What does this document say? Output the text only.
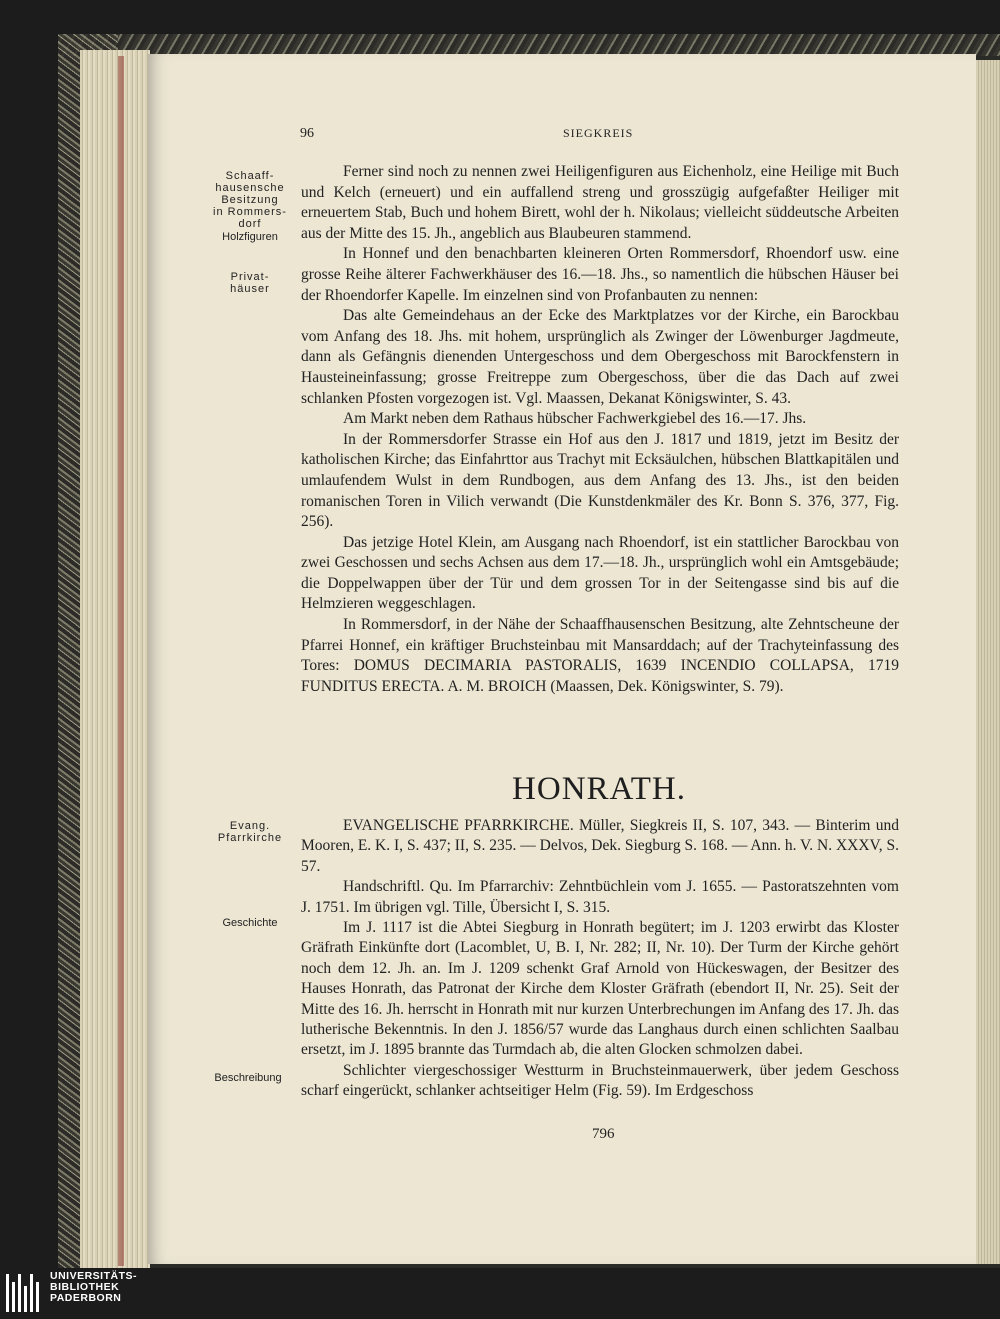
96	SIEGKREIS
Schaaff-
hausensche
Besitzung
in Rommers-
dorf
Holzfiguren
Privat-
häuser
Evang.
Pfarrkirche
Geschichte
Beschreibung

Ferner sind noch zu nennen zwei Heiligenfiguren aus Eichenholz, eine Heilige mit Buch und Kelch (erneuert) und ein auffallend streng und grosszügig aufgefaßter Heiliger mit erneuertem Stab, Buch und hohem Birett, wohl der h. Nikolaus; vielleicht süddeutsche Arbeiten aus der Mitte des 15. Jh., angeblich aus Blaubeuren stammend.

In Honnef und den benachbarten kleineren Orten Rommersdorf, Rhoendorf usw. eine grosse Reihe älterer Fachwerkhäuser des 16.—18. Jhs., so namentlich die hübschen Häuser bei der Rhoendorfer Kapelle. Im einzelnen sind von Profanbauten zu nennen:

Das alte Gemeindehaus an der Ecke des Marktplatzes vor der Kirche, ein Barockbau vom Anfang des 18. Jhs. mit hohem, ursprünglich als Zwinger der Löwenburger Jagdmeute, dann als Gefängnis dienenden Untergeschoss und dem Obergeschoss mit Barockfenstern in Hausteineinfassung; grosse Freitreppe zum Obergeschoss, über die das Dach auf zwei schlanken Pfosten vorgezogen ist. Vgl. Maassen, Dekanat Königswinter, S. 43.

Am Markt neben dem Rathaus hübscher Fachwerkgiebel des 16.—17. Jhs.

In der Rommersdorfer Strasse ein Hof aus den J. 1817 und 1819, jetzt im Besitz der katholischen Kirche; das Einfahrttor aus Trachyt mit Ecksäulchen, hübschen Blattkapitälen und umlaufendem Wulst in dem Rundbogen, aus dem Anfang des 13. Jhs., ist den beiden romanischen Toren in Vilich verwandt (Die Kunstdenkmäler des Kr. Bonn S. 376, 377, Fig. 256).

Das jetzige Hotel Klein, am Ausgang nach Rhoendorf, ist ein stattlicher Barockbau von zwei Geschossen und sechs Achsen aus dem 17.—18. Jh., ursprünglich wohl ein Amtsgebäude; die Doppelwappen über der Tür und dem grossen Tor in der Seitengasse sind bis auf die Helmzieren weggeschlagen.

In Rommersdorf, in der Nähe der Schaaffhausenschen Besitzung, alte Zehntscheune der Pfarrei Honnef, ein kräftiger Bruchsteinbau mit Mansarddach; auf der Trachyteinfassung des Tores: DOMUS DECIMARIA PASTORALIS, 1639 INCENDIO COLLAPSA, 1719 FUNDITUS ERECTA. A. M. BROICH (Maassen, Dek. Königswinter, S. 79).

HONRATH.

EVANGELISCHE PFARRKIRCHE. Müller, Siegkreis II, S. 107, 343. — Binterim und Mooren, E. K. I, S. 437; II, S. 235. — Delvos, Dek. Siegburg S. 168. — Ann. h. V. N. XXXV, S. 57.

Handschriftl. Qu. Im Pfarrarchiv: Zehntbüchlein vom J. 1655. — Pastoratszehnten vom J. 1751. Im übrigen vgl. Tille, Übersicht I, S. 315.

Im J. 1117 ist die Abtei Siegburg in Honrath begütert; im J. 1203 erwirbt das Kloster Gräfrath Einkünfte dort (Lacomblet, U, B. I, Nr. 282; II, Nr. 10). Der Turm der Kirche gehört noch dem 12. Jh. an. Im J. 1209 schenkt Graf Arnold von Hückeswagen, der Besitzer des Hauses Honrath, das Patronat der Kirche dem Kloster Gräfrath (ebendort II, Nr. 25). Seit der Mitte des 16. Jh. herrscht in Honrath mit nur kurzen Unterbrechungen im Anfang des 17. Jh. das lutherische Bekenntnis. In den J. 1856/57 wurde das Langhaus durch einen schlichten Saalbau ersetzt, im J. 1895 brannte das Turmdach ab, die alten Glocken schmolzen dabei.

Schlichter viergeschossiger Westturm in Bruchsteinmauerwerk, über jedem Geschoss scharf eingerückt, schlanker achtseitiger Helm (Fig. 59). Im Erdgeschoss

796
UNIVERSITÄTS-
BIBLIOTHEK
PADERBORN
